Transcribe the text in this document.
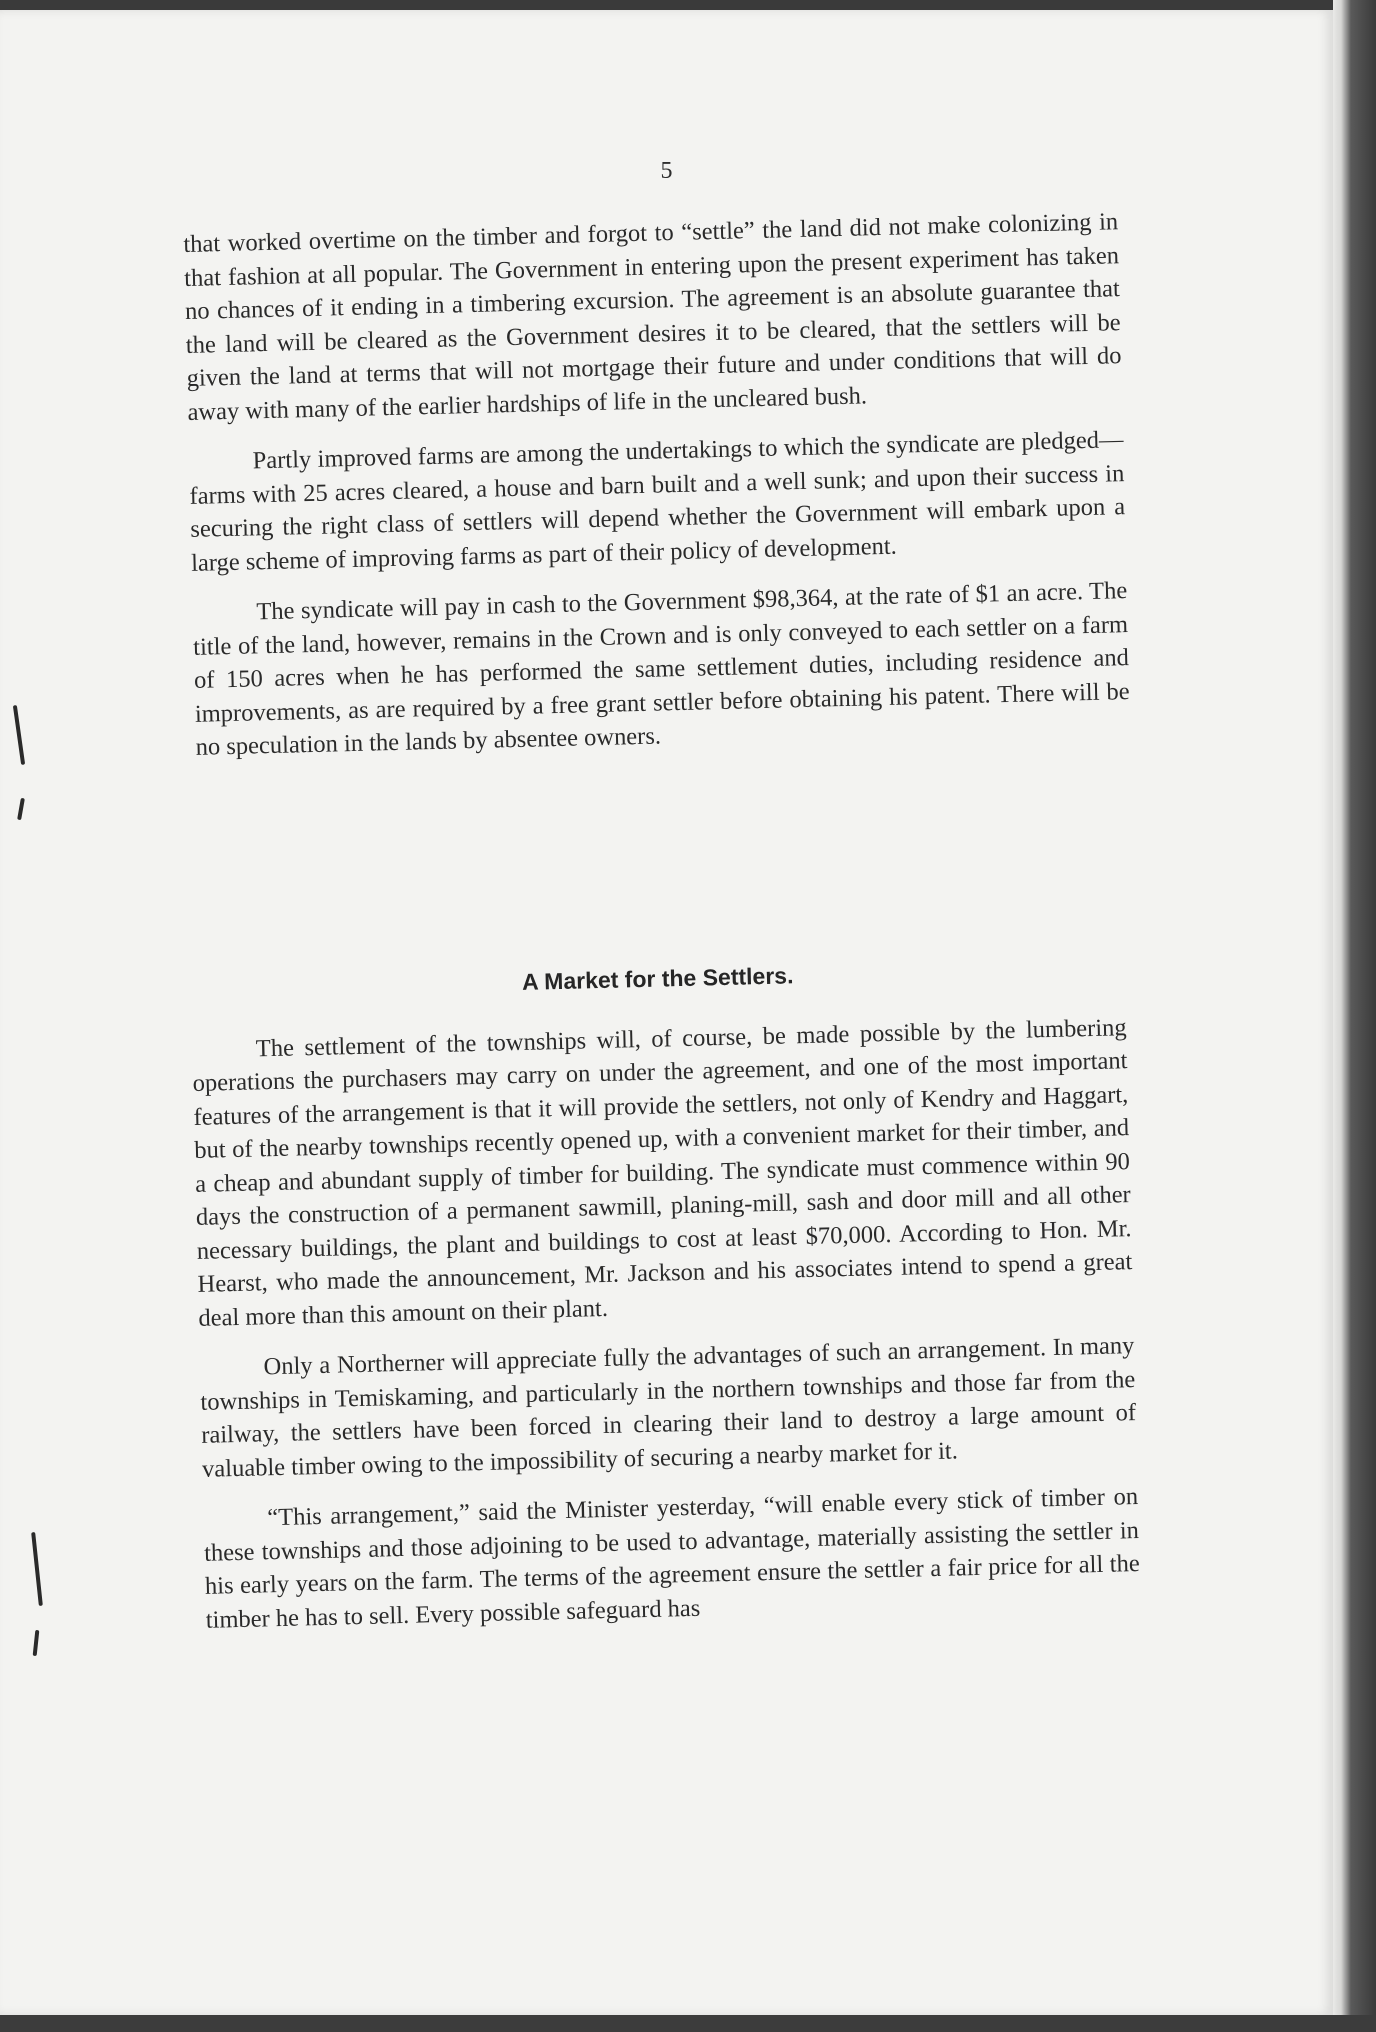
5

that worked overtime on the timber and forgot to “settle” the land did not make colonizing in that fashion at all popular. The Government in entering upon the present experiment has taken no chances of it ending in a timbering excursion. The agreement is an absolute guarantee that the land will be cleared as the Government desires it to be cleared, that the settlers will be given the land at terms that will not mortgage their future and under conditions that will do away with many of the earlier hardships of life in the uncleared bush.

Partly improved farms are among the undertakings to which the syndicate are pledged—farms with 25 acres cleared, a house and barn built and a well sunk; and upon their success in securing the right class of settlers will depend whether the Government will embark upon a large scheme of improving farms as part of their policy of development.

The syndicate will pay in cash to the Government $98,364, at the rate of $1 an acre. The title of the land, however, remains in the Crown and is only conveyed to each settler on a farm of 150 acres when he has performed the same settlement duties, including residence and improvements, as are required by a free grant settler before obtaining his patent. There will be no speculation in the lands by absentee owners.

A Market for the Settlers.

The settlement of the townships will, of course, be made possible by the lumbering operations the purchasers may carry on under the agreement, and one of the most important features of the arrangement is that it will provide the settlers, not only of Kendry and Haggart, but of the nearby townships recently opened up, with a convenient market for their timber, and a cheap and abundant supply of timber for building. The syndicate must commence within 90 days the construction of a permanent sawmill, planing-mill, sash and door mill and all other necessary buildings, the plant and buildings to cost at least $70,000. According to Hon. Mr. Hearst, who made the announcement, Mr. Jackson and his associates intend to spend a great deal more than this amount on their plant.

Only a Northerner will appreciate fully the advantages of such an arrangement. In many townships in Temiskaming, and particularly in the northern townships and those far from the railway, the settlers have been forced in clearing their land to destroy a large amount of valuable timber owing to the impossibility of securing a nearby market for it.

“This arrangement,” said the Minister yesterday, “will enable every stick of timber on these townships and those adjoining to be used to advantage, materially assisting the settler in his early years on the farm. The terms of the agreement ensure the settler a fair price for all the timber he has to sell. Every possible safeguard has
